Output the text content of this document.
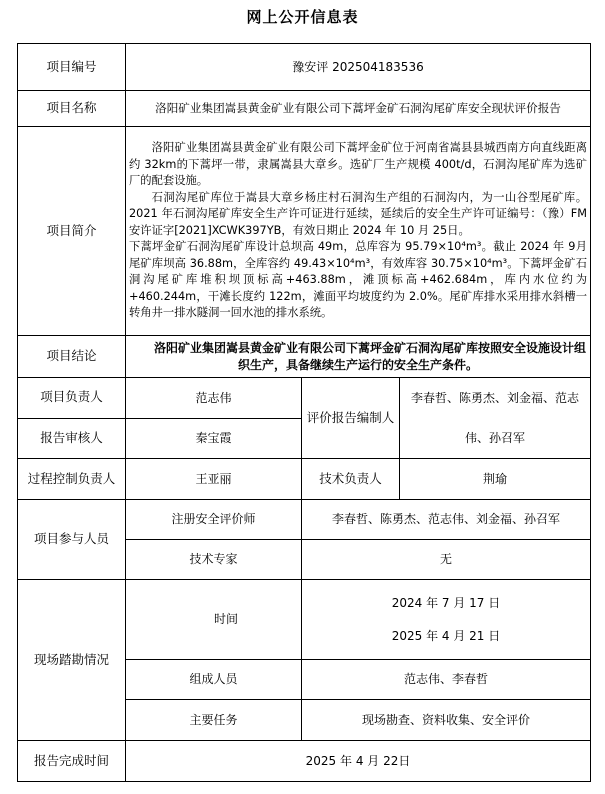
网上公开信息表
项目编号	豫安评 202504183536		
项目名称	洛阳矿业集团嵩县黄金矿业有限公司下蒿坪金矿石洞沟尾矿库安全现状评价报告		
项目简介	洛阳矿业集团嵩县黄金矿业有限公司下蒿坪金矿位于河南省嵩县县城西南方向直线距离约 32km的下蒿坪一带，隶属嵩县大章乡。选矿厂生产规模 400t/d，石洞沟尾矿库为选矿厂的配套设施。

石洞沟尾矿库位于嵩县大章乡杨庄村石洞沟生产组的石洞沟内，为一山谷型尾矿库。2021 年石洞沟尾矿库安全生产许可证进行延续，延续后的安全生产许可证编号：（豫）FM安许证字[2021]XCWK397YB，有效日期止 2024 年 10 月 25日。

下蒿坪金矿石洞沟尾矿库设计总坝高 49m，总库容为 95.79×10⁴m³。截止 2024 年 9月尾矿库坝高 36.88m，全库容约 49.43×10⁴m³，有效库容 30.75×10⁴m³。下蒿坪金矿石洞沟尾矿库堆积坝顶标高+463.88m，滩顶标高+462.684m，库内水位约为+460.244m，干滩长度约 122m，滩面平均坡度约为 2.0%。尾矿库排水采用排水斜槽一转角井一排水隧洞一回水池的排水系统。		

项目结论	洛阳矿业集团嵩县黄金矿业有限公司下蒿坪金矿石洞沟尾矿库按照安全设施设计组织生产，具备继续生产运行的安全生产条件。		
项目负责人	范志伟	评价报告编制人	李春哲、陈勇杰、刘金福、范志伟、孙召军
报告审核人	秦宝霞		
过程控制负责人	王亚丽	技术负责人	荆瑜
项目参与人员	注册安全评价师	李春哲、陈勇杰、范志伟、刘金福、孙召军	
	技术专家	无	
现场踏勘情况	时间	2024 年 7 月 17 日
2025 年 4 月 21 日	

	组成人员	范志伟、李春哲	
	主要任务	现场勘查、资料收集、安全评价	
报告完成时间	2025 年 4 月 22日		
